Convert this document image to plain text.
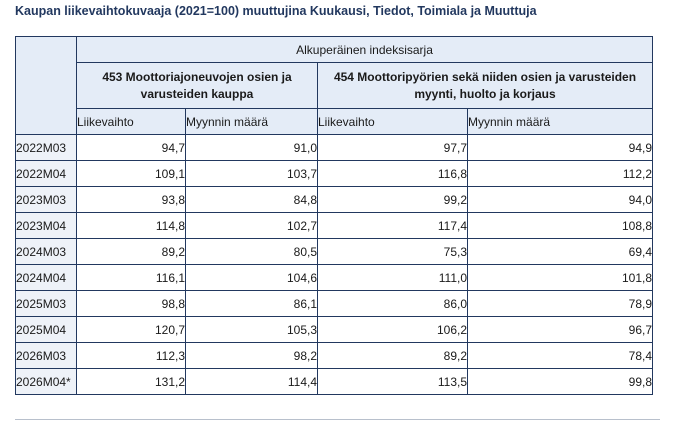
Kaupan liikevaihtokuvaaja (2021=100) muuttujina Kuukausi, Tiedot, Toimiala ja Muuttuja
	Alkuperäinen indeksisarja			
	453 Moottoriajoneuvojen osien ja varusteiden kauppa		454 Moottoripyörien sekä niiden osien ja varusteiden myynti, huolto ja korjaus	
	Liikevaihto	Myynnin määrä	Liikevaihto	Myynnin määrä
2022M03	94,7	91,0	97,7	94,9
2022M04	109,1	103,7	116,8	112,2
2023M03	93,8	84,8	99,2	94,0
2023M04	114,8	102,7	117,4	108,8
2024M03	89,2	80,5	75,3	69,4
2024M04	116,1	104,6	111,0	101,8
2025M03	98,8	86,1	86,0	78,9
2025M04	120,7	105,3	106,2	96,7
2026M03	112,3	98,2	89,2	78,4
2026M04*	131,2	114,4	113,5	99,8
